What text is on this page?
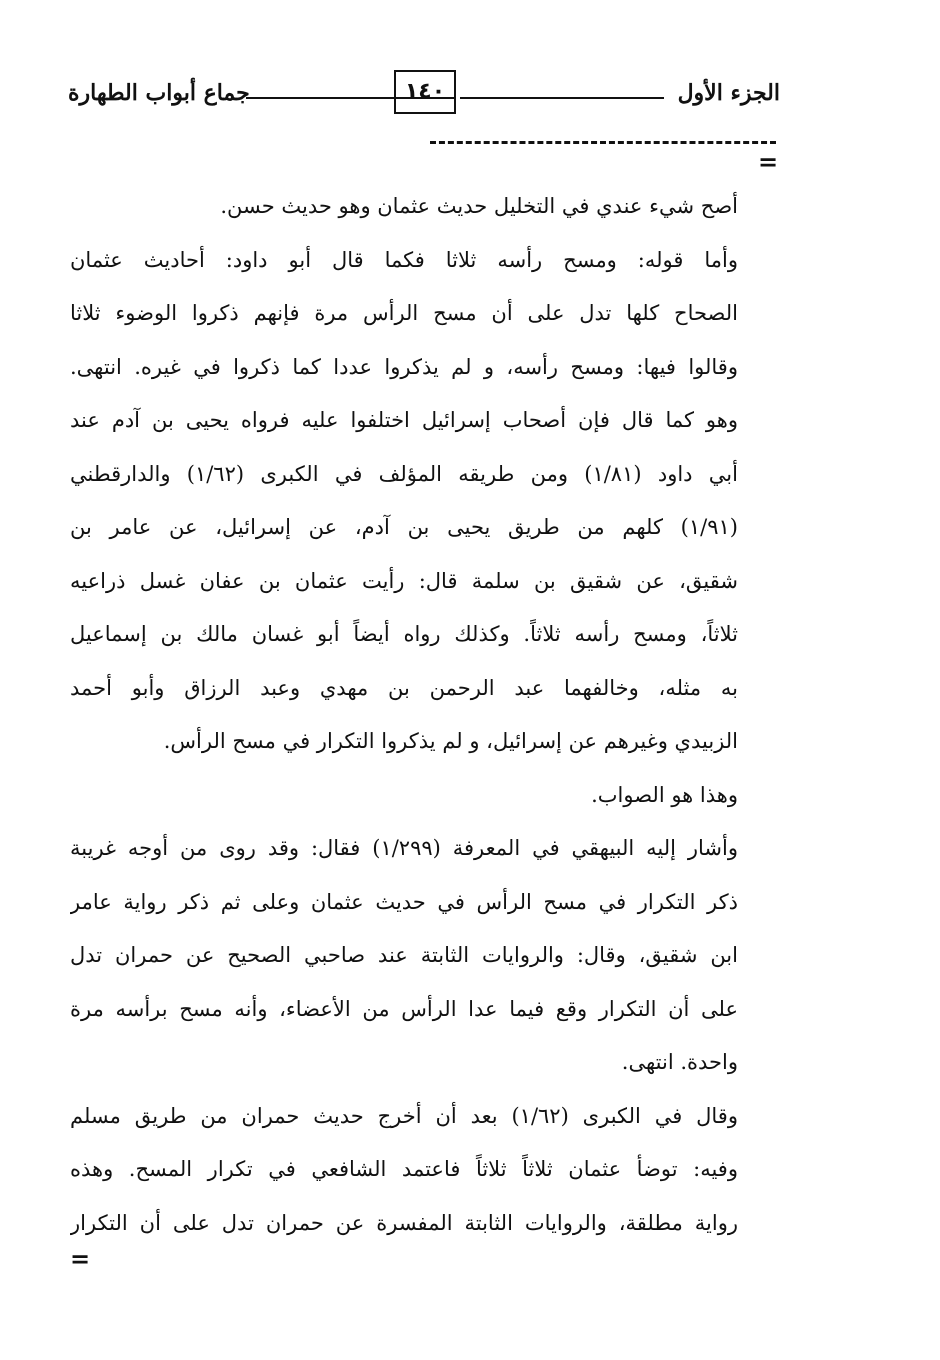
الجزء الأول
١٤٠
جماع أبواب الطهارة
=
أصح شيء عندي في التخليل حديث عثمان وهو حديث حسن.
وأما قوله: ومسح رأسه ثلاثا فكما قال أبو داود: أحاديث عثمان
الصحاح كلها تدل على أن مسح الرأس مرة فإنهم ذكروا الوضوء ثلاثا
وقالوا فيها: ومسح رأسه، و لم يذكروا عددا كما ذكروا في غيره. انتهى.
وهو كما قال فإن أصحاب إسرائيل اختلفوا عليه فرواه يحيى بن آدم عند
أبي داود (١/٨١) ومن طريقه المؤلف في الكبرى (١/٦٢) والدارقطني
(١/٩١) كلهم من طريق يحيى بن آدم، عن إسرائيل، عن عامر بن
شقيق، عن شقيق بن سلمة قال: رأيت عثمان بن عفان غسل ذراعيه
ثلاثاً، ومسح رأسه ثلاثاً. وكذلك رواه أيضاً أبو غسان مالك بن إسماعيل
به مثله، وخالفهما عبد الرحمن بن مهدي وعبد الرزاق وأبو أحمد
الزبيدي وغيرهم عن إسرائيل، و لم يذكروا التكرار في مسح الرأس.
وهذا هو الصواب.
وأشار إليه البيهقي في المعرفة (١/٢٩٩) فقال: وقد روى من أوجه غريبة
ذكر التكرار في مسح الرأس في حديث عثمان وعلى ثم ذكر رواية عامر
ابن شقيق، وقال: والروايات الثابتة عند صاحبي الصحيح عن حمران تدل
على أن التكرار وقع فيما عدا الرأس من الأعضاء، وأنه مسح برأسه مرة
واحدة. انتهى.
وقال في الكبرى (١/٦٢) بعد أن أخرج حديث حمران من طريق مسلم
وفيه: توضأ عثمان ثلاثاً ثلاثاً فاعتمد الشافعي في تكرار المسح. وهذه
رواية مطلقة، والروايات الثابتة المفسرة عن حمران تدل على أن التكرار
=
